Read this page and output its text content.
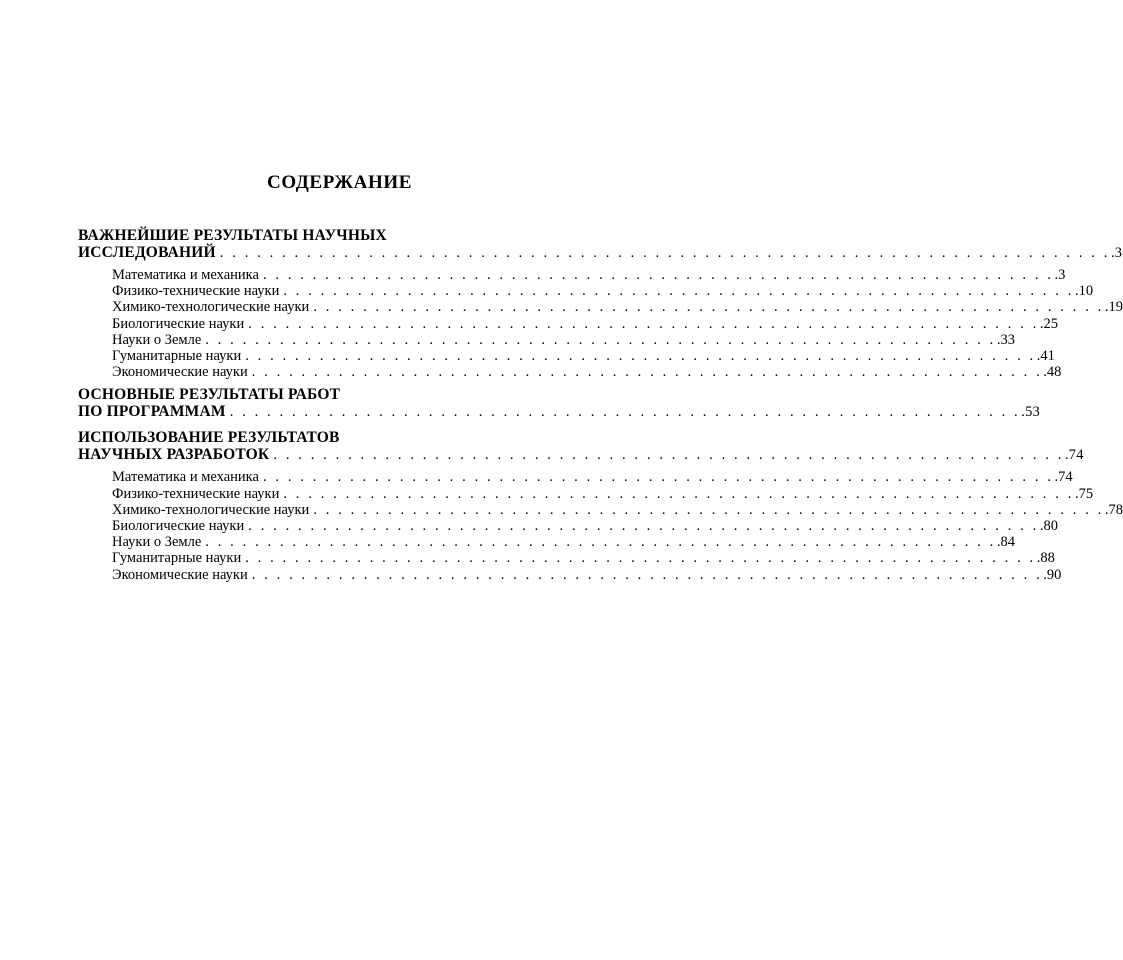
СОДЕРЖАНИЕ
ВАЖНЕЙШИЕ РЕЗУЛЬТАТЫ НАУЧНЫХ
ИССЛЕДОВАНИЙ . . . . . . . . . . . . . . . . . . . . . . . . . . . . . . . . . . . . . . . . . . . . . . . . . . . . . . . . . . . . . . . . . . . . . . . . .3
Математика и механика . . . . . . . . . . . . . . . . . . . . . . . . . . . . . . . . . . . . . . . . . . . . . . . . . . . . . . . . . . . . . . . . .3
Физико-технические науки . . . . . . . . . . . . . . . . . . . . . . . . . . . . . . . . . . . . . . . . . . . . . . . . . . . . . . . . . . . . . . . . .10
Химико-технологические науки . . . . . . . . . . . . . . . . . . . . . . . . . . . . . . . . . . . . . . . . . . . . . . . . . . . . . . . . . . . . . . . . .19
Биологические науки . . . . . . . . . . . . . . . . . . . . . . . . . . . . . . . . . . . . . . . . . . . . . . . . . . . . . . . . . . . . . . . . .25
Науки о Земле . . . . . . . . . . . . . . . . . . . . . . . . . . . . . . . . . . . . . . . . . . . . . . . . . . . . . . . . . . . . . . . . .33
Гуманитарные науки . . . . . . . . . . . . . . . . . . . . . . . . . . . . . . . . . . . . . . . . . . . . . . . . . . . . . . . . . . . . . . . . .41
Экономические науки . . . . . . . . . . . . . . . . . . . . . . . . . . . . . . . . . . . . . . . . . . . . . . . . . . . . . . . . . . . . . . . . .48
ОСНОВНЫЕ РЕЗУЛЬТАТЫ РАБОТ
ПО ПРОГРАММАМ . . . . . . . . . . . . . . . . . . . . . . . . . . . . . . . . . . . . . . . . . . . . . . . . . . . . . . . . . . . . . . . . .53
ИСПОЛЬЗОВАНИЕ РЕЗУЛЬТАТОВ
НАУЧНЫХ РАЗРАБОТОК . . . . . . . . . . . . . . . . . . . . . . . . . . . . . . . . . . . . . . . . . . . . . . . . . . . . . . . . . . . . . . . . .74
Математика и механика . . . . . . . . . . . . . . . . . . . . . . . . . . . . . . . . . . . . . . . . . . . . . . . . . . . . . . . . . . . . . . . . .74
Физико-технические науки . . . . . . . . . . . . . . . . . . . . . . . . . . . . . . . . . . . . . . . . . . . . . . . . . . . . . . . . . . . . . . . . .75
Химико-технологические науки . . . . . . . . . . . . . . . . . . . . . . . . . . . . . . . . . . . . . . . . . . . . . . . . . . . . . . . . . . . . . . . . .78
Биологические науки . . . . . . . . . . . . . . . . . . . . . . . . . . . . . . . . . . . . . . . . . . . . . . . . . . . . . . . . . . . . . . . . .80
Науки о Земле . . . . . . . . . . . . . . . . . . . . . . . . . . . . . . . . . . . . . . . . . . . . . . . . . . . . . . . . . . . . . . . . .84
Гуманитарные науки . . . . . . . . . . . . . . . . . . . . . . . . . . . . . . . . . . . . . . . . . . . . . . . . . . . . . . . . . . . . . . . . .88
Экономические науки . . . . . . . . . . . . . . . . . . . . . . . . . . . . . . . . . . . . . . . . . . . . . . . . . . . . . . . . . . . . . . . . .90
